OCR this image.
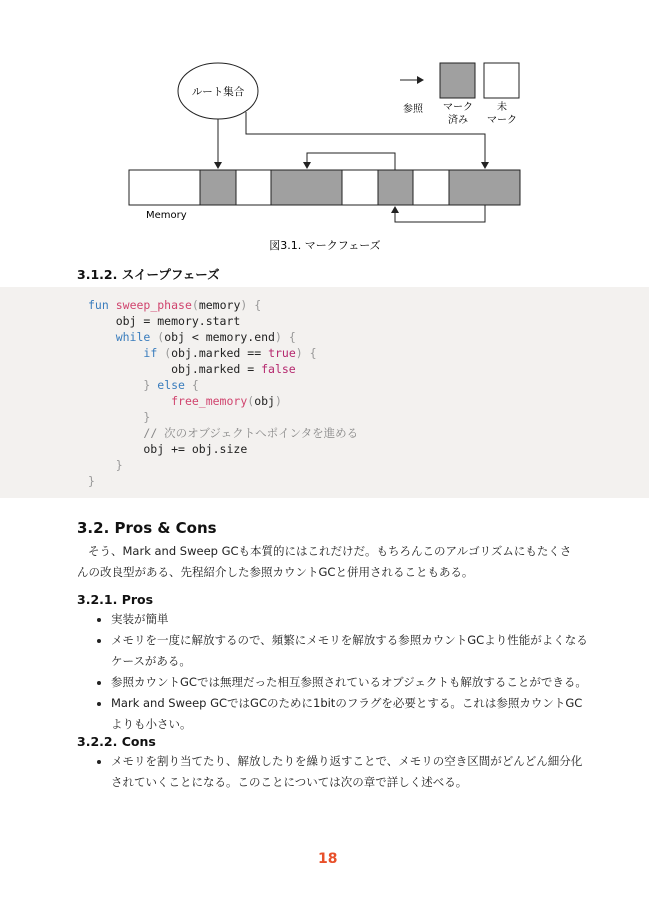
ルート集合
参照 マーク
済み
未
マーク
Memory
図3.1. マークフェーズ
3.1.2. スイープフェーズ
fun sweep_phase(memory) {
obj = memory.start
while (obj < memory.end) {
if (obj.marked == true) {
obj.marked = false
} else {
free_memory(obj)
}
// 次のオブジェクトへポインタを進める
obj += obj.size
}
}
3.2. Pros & Cons
そう、Mark and Sweep GCも本質的にはこれだけだ。もちろんこのアルゴリズムにもたくさんの改良型がある、先程紹介した参照カウントGCと併用されることもある。
3.2.1. Pros
• 実装が簡単
• メモリを一度に解放するので、頻繁にメモリを解放する参照カウントGCより性能がよくなるケースがある。
• 参照カウントGCでは無理だった相互参照されているオブジェクトも解放することができる。
• Mark and Sweep GCではGCのために1bitのフラグを必要とする。これは参照カウントGCよりも小さい。
3.2.2. Cons
• メモリを割り当てたり、解放したりを繰り返すことで、メモリの空き区間がどんどん細分化されていくことになる。このことについては次の章で詳しく述べる。
18
